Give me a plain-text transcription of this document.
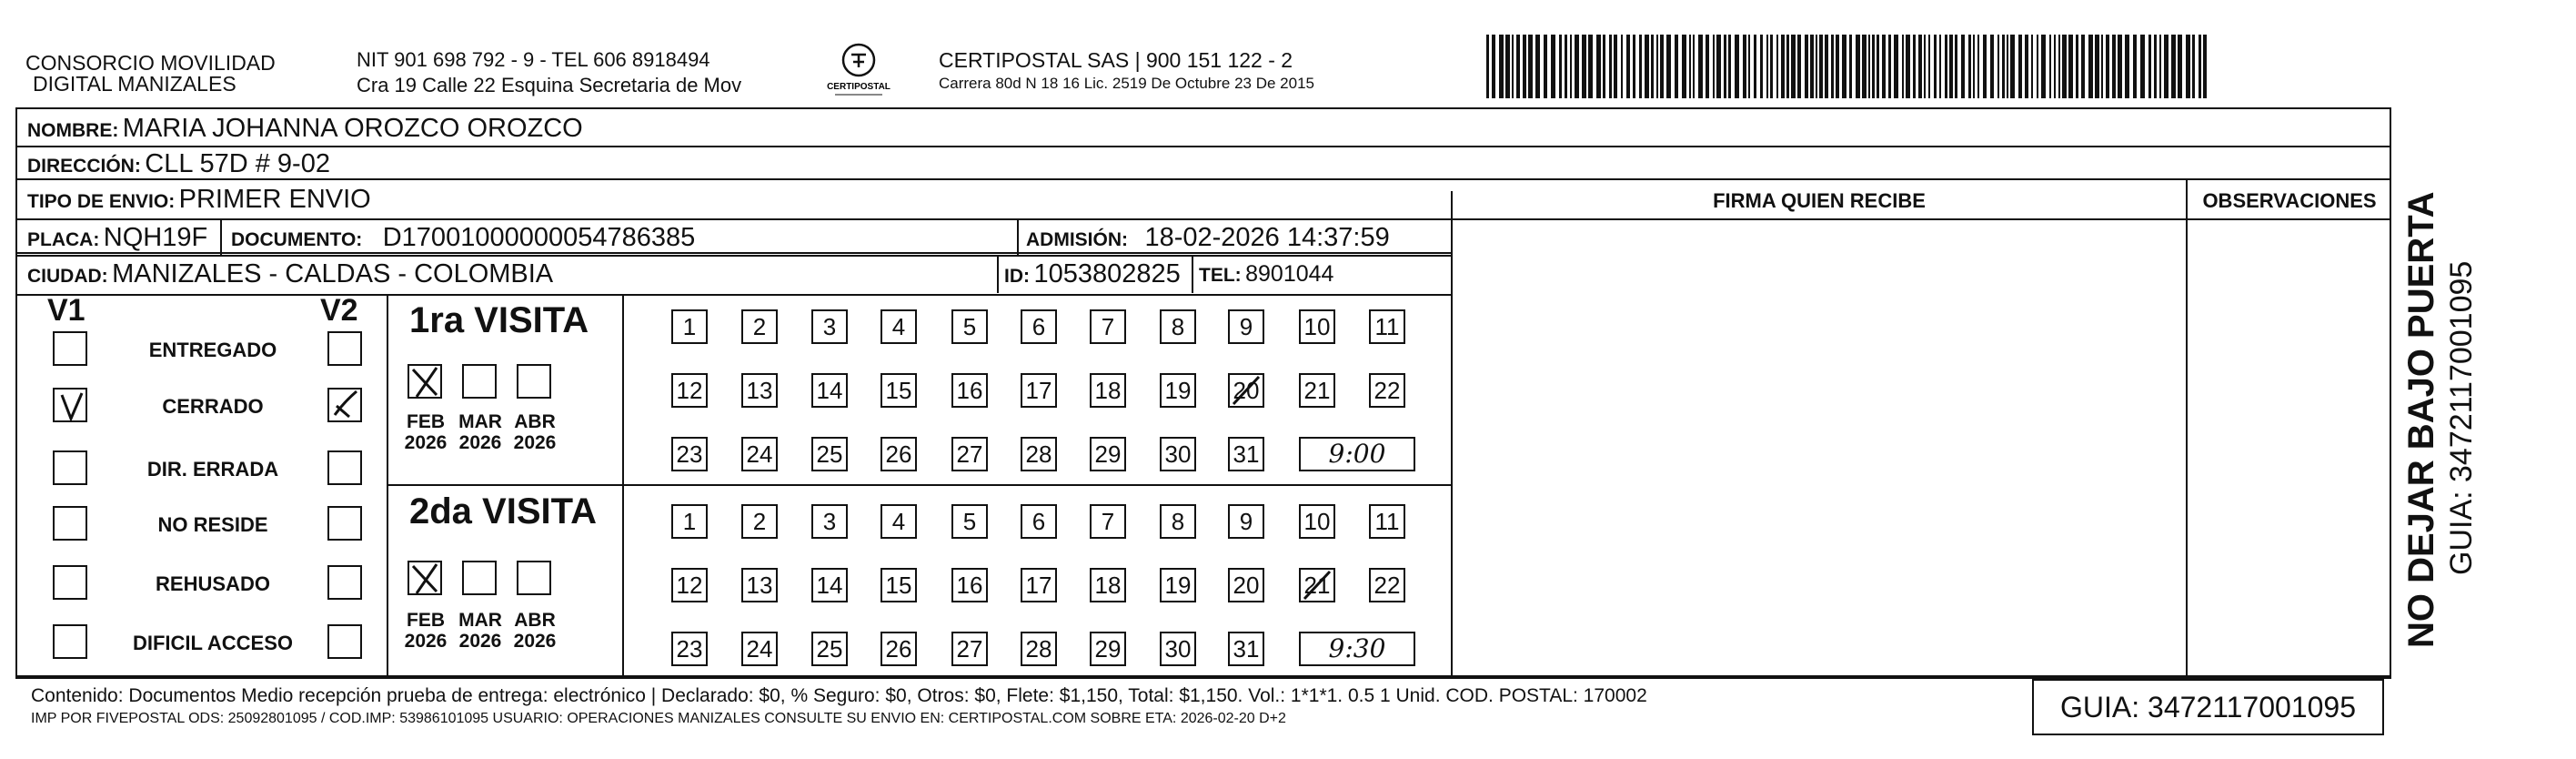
CONSORCIO MOVILIDAD
DIGITAL MANIZALES
NIT 901 698 792 - 9 - TEL 606 8918494
Cra 19 Calle 22 Esquina Secretaria de Mov	CERTIPOSTAL
CERTIPOSTAL SAS | 900 151 122 - 2
Carrera 80d N 18 16 Lic. 2519 De Octubre 23 De 2015
NOMBRE: MARIA JOHANNA OROZCO OROZCO
DIRECCIÓN: CLL 57D # 9-02
TIPO DE ENVIO: PRIMER ENVIO
PLACA: NQH19F DOCUMENTO: D17001000000054786385	ADMISIÓN: 18-02-2026 14:37:59
CIUDAD: MANIZALES - CALDAS - COLOMBIA	ID: 1053802825 TEL: 8901044
FIRMA QUIEN RECIBE	OBSERVACIONES
V1	V2
ENTREGADO
CERRADO
DIR. ERRADA
NO RESIDE
REHUSADO
DIFICIL ACCESO
1ra VISITA
FEB
2026
MAR
2026
ABR
2026
1	2	3	4	5	6	7	8	9	10 11
12 13 14 15 16 17 18 19 20 21 22
23 24 25 26 27 28 29 30 31	9:00
2da VISITA
FEB
2026
MAR
2026
ABR
2026
1	2	3	4	5	6	7	8	9	10 11
12 13 14 15 16 17 18 19 20 21 22
23 24 25 26 27 28 29 30 31	9:30
Contenido: Documentos Medio recepción prueba de entrega: electrónico | Declarado: $0, % Seguro: $0, Otros: $0, Flete: $1,150, Total: $1,150. Vol.: 1*1*1. 0.5 1 Unid. COD. POSTAL: 170002
IMP POR FIVEPOSTAL ODS: 25092801095 / COD.IMP: 53986101095 USUARIO: OPERACIONES MANIZALES CONSULTE SU ENVIO EN: CERTIPOSTAL.COM SOBRE ETA: 2026-02-20 D+2	GUIA: 3472117001095
NO DEJAR BAJO PUERTA GUIA: 3472117001095
